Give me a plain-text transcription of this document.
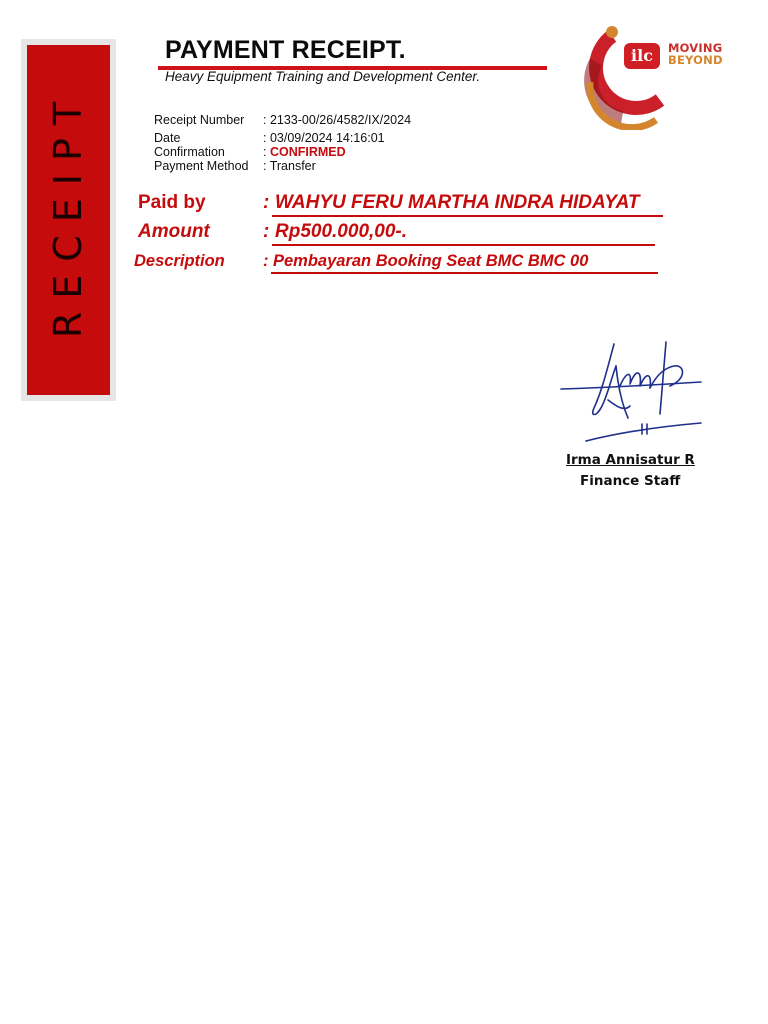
RECEIPT
PAYMENT RECEIPT.
Heavy Equipment Training and Development Center.
ilc	MOVING
BEYOND
Receipt Number : 2133-00/26/4582/IX/2024
Date	: 03/09/2024 14:16:01
Confirmation	: CONFIRMED
Payment Method : Transfer
Paid by	: WAHYU FERU MARTHA INDRA HIDAYAT
Amount	: Rp500.000,00-.
Description : Pembayaran Booking Seat BMC BMC 00
Irma Annisatur R
Finance Staff
